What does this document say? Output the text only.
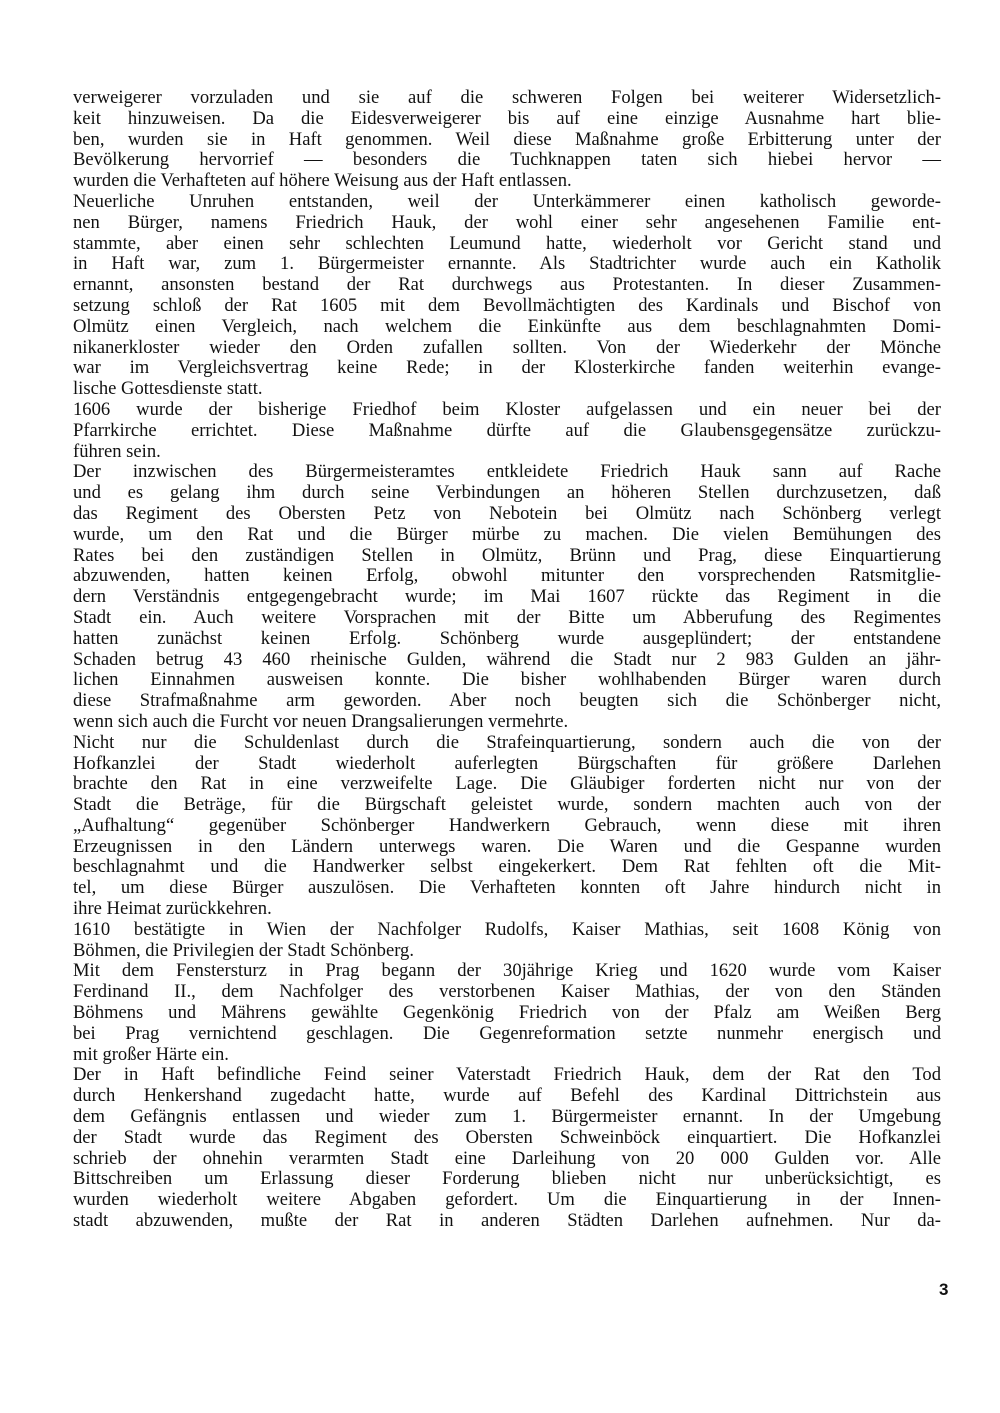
verweigerer vorzuladen und sie auf die schweren Folgen bei weiterer Widersetzlich-
keit hinzuweisen. Da die Eidesverweigerer bis auf eine einzige Ausnahme hart blie-
ben, wurden sie in Haft genommen. Weil diese Maßnahme große Erbitterung unter der
Bevölkerung hervorrief — besonders die Tuchknappen taten sich hiebei hervor —
wurden die Verhafteten auf höhere Weisung aus der Haft entlassen.
Neuerliche Unruhen entstanden, weil der Unterkämmerer einen katholisch geworde-
nen Bürger, namens Friedrich Hauk, der wohl einer sehr angesehenen Familie ent-
stammte, aber einen sehr schlechten Leumund hatte, wiederholt vor Gericht stand und
in Haft war, zum 1. Bürgermeister ernannte. Als Stadtrichter wurde auch ein Katholik
ernannt, ansonsten bestand der Rat durchwegs aus Protestanten. In dieser Zusammen-
setzung schloß der Rat 1605 mit dem Bevollmächtigten des Kardinals und Bischof von
Olmütz einen Vergleich, nach welchem die Einkünfte aus dem beschlagnahmten Domi-
nikanerkloster wieder den Orden zufallen sollten. Von der Wiederkehr der Mönche
war im Vergleichsvertrag keine Rede; in der Klosterkirche fanden weiterhin evange-
lische Gottesdienste statt.
1606 wurde der bisherige Friedhof beim Kloster aufgelassen und ein neuer bei der
Pfarrkirche errichtet. Diese Maßnahme dürfte auf die Glaubensgegensätze zurückzu-
führen sein.
Der inzwischen des Bürgermeisteramtes entkleidete Friedrich Hauk sann auf Rache
und es gelang ihm durch seine Verbindungen an höheren Stellen durchzusetzen, daß
das Regiment des Obersten Petz von Nebotein bei Olmütz nach Schönberg verlegt
wurde, um den Rat und die Bürger mürbe zu machen. Die vielen Bemühungen des
Rates bei den zuständigen Stellen in Olmütz, Brünn und Prag, diese Einquartierung
abzuwenden, hatten keinen Erfolg, obwohl mitunter den vorsprechenden Ratsmitglie-
dern Verständnis entgegengebracht wurde; im Mai 1607 rückte das Regiment in die
Stadt ein. Auch weitere Vorsprachen mit der Bitte um Abberufung des Regimentes
hatten zunächst keinen Erfolg. Schönberg wurde ausgeplündert; der entstandene
Schaden betrug 43 460 rheinische Gulden, während die Stadt nur 2 983 Gulden an jähr-
lichen Einnahmen ausweisen konnte. Die bisher wohlhabenden Bürger waren durch
diese Strafmaßnahme arm geworden. Aber noch beugten sich die Schönberger nicht,
wenn sich auch die Furcht vor neuen Drangsalierungen vermehrte.
Nicht nur die Schuldenlast durch die Strafeinquartierung, sondern auch die von der
Hofkanzlei der Stadt wiederholt auferlegten Bürgschaften für größere Darlehen
brachte den Rat in eine verzweifelte Lage. Die Gläubiger forderten nicht nur von der
Stadt die Beträge, für die Bürgschaft geleistet wurde, sondern machten auch von der
„Aufhaltung“ gegenüber Schönberger Handwerkern Gebrauch, wenn diese mit ihren
Erzeugnissen in den Ländern unterwegs waren. Die Waren und die Gespanne wurden
beschlagnahmt und die Handwerker selbst eingekerkert. Dem Rat fehlten oft die Mit-
tel, um diese Bürger auszulösen. Die Verhafteten konnten oft Jahre hindurch nicht in
ihre Heimat zurückkehren.
1610 bestätigte in Wien der Nachfolger Rudolfs, Kaiser Mathias, seit 1608 König von
Böhmen, die Privilegien der Stadt Schönberg.
Mit dem Fenstersturz in Prag begann der 30jährige Krieg und 1620 wurde vom Kaiser
Ferdinand II., dem Nachfolger des verstorbenen Kaiser Mathias, der von den Ständen
Böhmens und Mährens gewählte Gegenkönig Friedrich von der Pfalz am Weißen Berg
bei Prag vernichtend geschlagen. Die Gegenreformation setzte nunmehr energisch und
mit großer Härte ein.
Der in Haft befindliche Feind seiner Vaterstadt Friedrich Hauk, dem der Rat den Tod
durch Henkershand zugedacht hatte, wurde auf Befehl des Kardinal Dittrichstein aus
dem Gefängnis entlassen und wieder zum 1. Bürgermeister ernannt. In der Umgebung
der Stadt wurde das Regiment des Obersten Schweinböck einquartiert. Die Hofkanzlei
schrieb der ohnehin verarmten Stadt eine Darleihung von 20 000 Gulden vor. Alle
Bittschreiben um Erlassung dieser Forderung blieben nicht nur unberücksichtigt, es
wurden wiederholt weitere Abgaben gefordert. Um die Einquartierung in der Innen-
stadt abzuwenden, mußte der Rat in anderen Städten Darlehen aufnehmen. Nur da-
3
